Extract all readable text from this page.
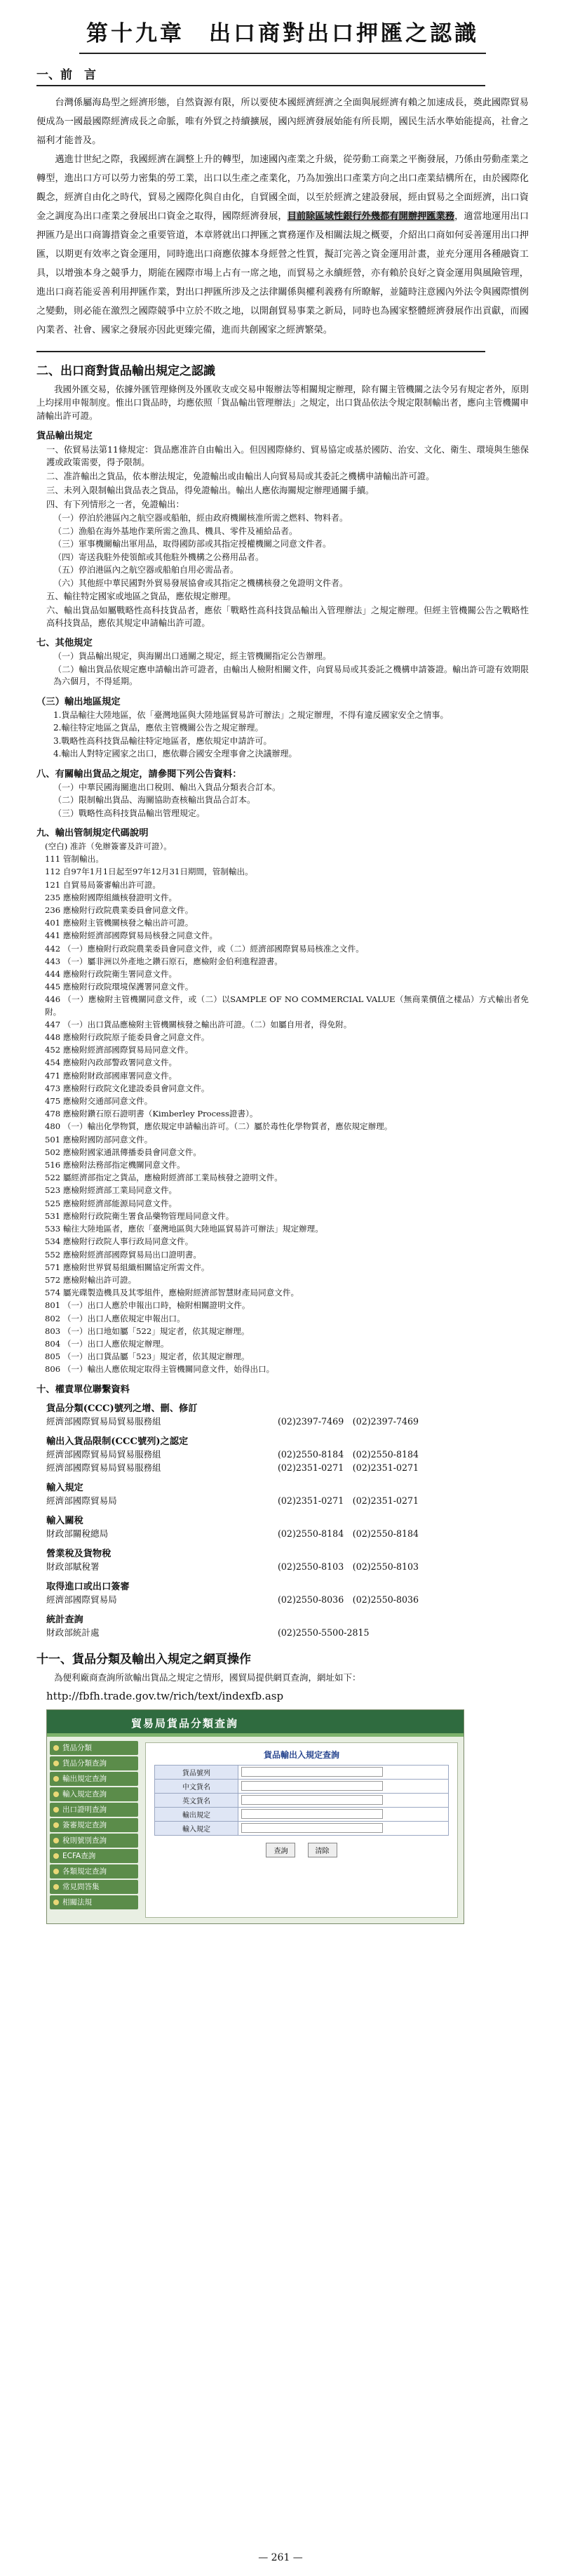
第十九章　出口商對出口押匯之認識
一、前　言

台灣係屬海島型之經濟形態，自然資源有限，所以要使本國經濟經濟之全面與展經濟有賴之加速成長，奠此國際貿易便成為一國最國際經濟成長之命脈，唯有外貿之持續擴展，國內經濟發展始能有所長期，國民生活水準始能提高，社會之福利才能普及。

邁進廿世紀之際，我國經濟在調整上升的轉型，加速國內產業之升級，從勞動工商業之平衡發展，乃係由勞動產業之轉型，進出口方可以勞力密集的勞工業，出口以生產之產業化，乃為加強出口產業方向之出口產業結構所在，由於國際化觀念，經濟自由化之時代，貿易之國際化與自由化，自貿國全面，以至於經濟之建設發展，經由貿易之全面經濟，出口資金之調度為出口產業之發展出口資金之取得，國際經濟發展，目前除區域性銀行外幾都有開辦押匯業務，適當地運用出口押匯乃是出口商籌措資金之重要管道，本章將就出口押匯之實務運作及相關法規之概要，介紹出口商如何妥善運用出口押匯，以期更有效率之資金運用，同時進出口商應依據本身經營之性質，擬訂完善之資金運用計畫，並充分運用各種融資工具，以增強本身之競爭力，期能在國際市場上占有一席之地，而貿易之永續經營，亦有賴於良好之資金運用與風險管理，進出口商若能妥善利用押匯作業，對出口押匯所涉及之法律關係與權利義務有所瞭解，並隨時注意國內外法令與國際慣例之變動，則必能在激烈之國際競爭中立於不敗之地，以開創貿易事業之新局，同時也為國家整體經濟發展作出貢獻，而國內業者、社會、國家之發展亦因此更臻完備，進而共創國家之經濟繁榮。

二、出口商對貨品輸出規定之認識

我國外匯交易，依據外匯管理條例及外匯收支或交易申報辦法等相關規定辦理，除有關主管機關之法令另有規定者外，原則上均採用申報制度。惟出口貨品時，均應依照「貨品輸出管理辦法」之規定，出口貨品依法令規定限制輸出者，應向主管機關申請輸出許可證。

貨品輸出規定

一、依貿易法第11條規定：貨品應准許自由輸出入。但因國際條約、貿易協定或基於國防、治安、文化、衛生、環境與生態保護或政策需要，得予限制。

二、准許輸出之貨品，依本辦法規定，免證輸出或由輸出人向貿易局或其委託之機構申請輸出許可證。

三、未列入限制輸出貨品表之貨品，得免證輸出。輸出人應依海關規定辦理通關手續。

四、有下列情形之一者，免證輸出：

（一）停泊於港區內之航空器或船舶，經由政府機關核准所需之燃料、物料者。

（二）漁船在海外基地作業所需之漁具、機具、零件及補給品者。

（三）軍事機關輸出軍用品，取得國防部或其指定授權機關之同意文件者。

（四）寄送我駐外使領館或其他駐外機構之公務用品者。

（五）停泊港區內之航空器或船舶自用必需品者。

（六）其他經中華民國對外貿易發展協會或其指定之機構核發之免證明文件者。

五、輸往特定國家或地區之貨品，應依規定辦理。

六、輸出貨品如屬戰略性高科技貨品者，應依「戰略性高科技貨品輸出入管理辦法」之規定辦理。但經主管機關公告之戰略性高科技貨品，應依其規定申請輸出許可證。

七、其他規定

（一）貨品輸出規定，與海關出口通關之規定，經主管機關指定公告辦理。

（二）輸出貨品依規定應申請輸出許可證者，由輸出人檢附相關文件，向貿易局或其委託之機構申請簽證。輸出許可證有效期限為六個月，不得延期。

（三）輸出地區規定

1.貨品輸往大陸地區，依「臺灣地區與大陸地區貿易許可辦法」之規定辦理，不得有違反國家安全之情事。

2.輸往特定地區之貨品，應依主管機關公告之規定辦理。

3.戰略性高科技貨品輸往特定地區者，應依規定申請許可。

4.輸出人對特定國家之出口，應依聯合國安全理事會之決議辦理。

八、有關輸出貨品之規定，請參閱下列公告資料：

（一）中華民國海關進出口稅則、輸出入貨品分類表合訂本。

（二）限制輸出貨品、海關協助查核輸出貨品合訂本。

（三）戰略性高科技貨品輸出管理規定。

九、輸出管制規定代碼說明

(空白) 准許（免辦簽審及許可證）。

111 管制輸出。

112 自97年1月1日起至97年12月31日期間，管制輸出。

121 自貿易局簽審輸出許可證。

235 應檢附國際組織核發證明文件。

236 應檢附行政院農業委員會同意文件。

401 應檢附主管機關核發之輸出許可證。

441 應檢附經濟部國際貿易局核發之同意文件。

442 （一）應檢附行政院農業委員會同意文件，或（二）經濟部國際貿易局核准之文件。

443 （一）屬非洲以外產地之鑽石原石，應檢附金伯利進程證書。

444 應檢附行政院衛生署同意文件。

445 應檢附行政院環境保護署同意文件。

446 （一）應檢附主管機關同意文件，或（二）以SAMPLE OF NO COMMERCIAL VALUE（無商業價值之樣品）方式輸出者免附。

447 （一）出口貨品應檢附主管機關核發之輸出許可證。（二）如屬自用者，得免附。

448 應檢附行政院原子能委員會之同意文件。

452 應檢附經濟部國際貿易局同意文件。

454 應檢附內政部警政署同意文件。

471 應檢附財政部國庫署同意文件。

473 應檢附行政院文化建設委員會同意文件。

475 應檢附交通部同意文件。

478 應檢附鑽石原石證明書（Kimberley Process證書）。

480 （一）輸出化學物質，應依規定申請輸出許可。（二）屬於毒性化學物質者，應依規定辦理。

501 應檢附國防部同意文件。

502 應檢附國家通訊傳播委員會同意文件。

516 應檢附法務部指定機關同意文件。

522 屬經濟部指定之貨品，應檢附經濟部工業局核發之證明文件。

523 應檢附經濟部工業局同意文件。

525 應檢附經濟部能源局同意文件。

531 應檢附行政院衛生署食品藥物管理局同意文件。

533 輸往大陸地區者，應依「臺灣地區與大陸地區貿易許可辦法」規定辦理。

534 應檢附行政院人事行政局同意文件。

552 應檢附經濟部國際貿易局出口證明書。

571 應檢附世界貿易組織相關協定所需文件。

572 應檢附輸出許可證。

574 屬光碟製造機具及其零組件，應檢附經濟部智慧財產局同意文件。

801 （一）出口人應於申報出口時，檢附相關證明文件。

802 （一）出口人應依規定申報出口。

803 （一）出口地如屬「522」規定者，依其規定辦理。

804 （一）出口人應依規定辦理。

805 （一）出口貨品屬「523」規定者，依其規定辦理。

806 （一）輸出人應依規定取得主管機關同意文件，始得出口。

十、權責單位聯繫資料
貨品分類(CCC)號列之增、刪、修訂
經濟部國際貿易局貿易服務組	(02)2397-7469　(02)2397-7469
輸出入貨品限制(CCC號列)之認定
經濟部國際貿易局貿易服務組	(02)2550-8184　(02)2550-8184
經濟部國際貿易局貿易服務組	(02)2351-0271　(02)2351-0271
輸入規定
經濟部國際貿易局	(02)2351-0271　(02)2351-0271
輸入關稅
財政部關稅總局	(02)2550-8184　(02)2550-8184
營業稅及貨物稅
財政部賦稅署	(02)2550-8103　(02)2550-8103
取得進口或出口簽審
經濟部國際貿易局	(02)2550-8036　(02)2550-8036
統計查詢
財政部統計處	(02)2550-5500-2815
十一、貨品分類及輸出入規定之網頁操作

為便利廠商查詢所欲輸出貨品之規定之情形，國貿局提供網頁查詢，網址如下：

http://fbfh.trade.gov.tw/rich/text/indexfb.asp
貿易局貨品分類查詢
貨品分類
貨品分類查詢
輸出規定查詢
輸入規定查詢
出口證明查詢
簽審規定查詢
稅則號別查詢
ECFA查詢
各類規定查詢
常見問答集
相關法規
貨品輸出入規定查詢
貨品號列	
中文貨名	
英文貨名	
輸出規定	
輸入規定	
查詢	清除
— 261 —
